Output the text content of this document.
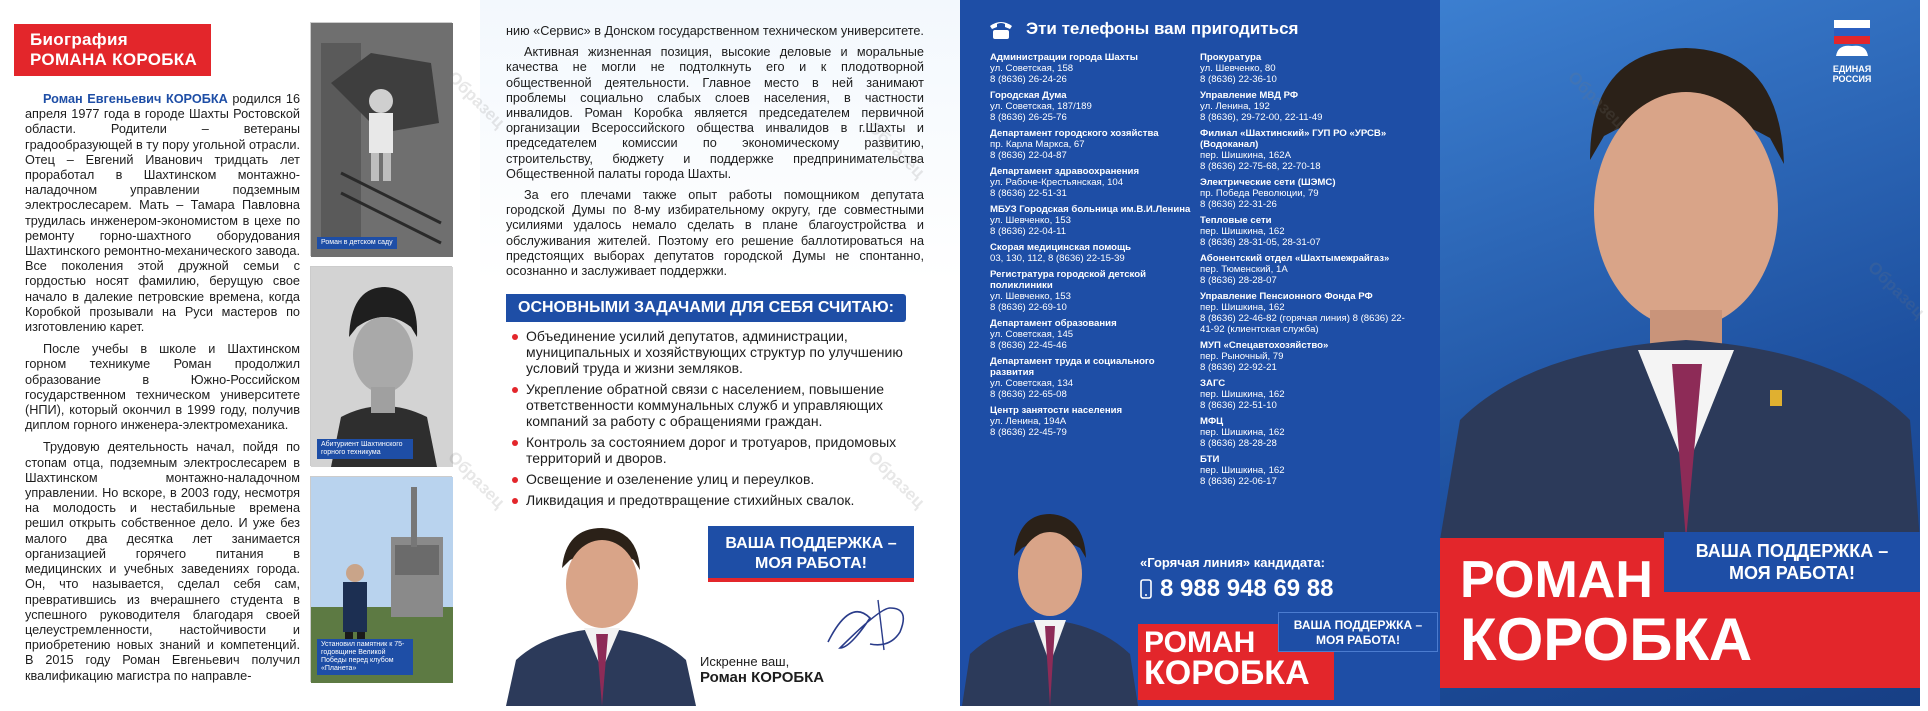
Биография
РОМАНА КОРОБКА

Роман Евгеньевич КОРОБКА родился 16 апреля 1977 года в городе Шахты Ростовской области. Родители – ветераны градообразующей в ту пору угольной отрасли. Отец – Евгений Иванович тридцать лет проработал в Шахтинском монтажно-наладочном управлении подземным электрослесарем. Мать – Тамара Павловна трудилась инженером-экономистом в цехе по ремонту горно-шахтного оборудования Шахтинского ремонтно-механического завода. Все поколения этой дружной семьи с гордостью носят фамилию, берущую свое начало в далекие петровские времена, когда Коробкой прозывали на Руси мастеров по изготовлению карет.

После учебы в школе и Шахтинском горном техникуме Роман продолжил образование в Южно-Российском государственном техническом университете (НПИ), который окончил в 1999 году, получив диплом горного инженера-электромеханика.

Трудовую деятельность начал, пойдя по стопам отца, подземным электрослесарем в Шахтинском монтажно-наладочном управлении. Но вскоре, в 2003 году, несмотря на молодость и нестабильные времена решил открыть собственное дело. И уже без малого два десятка лет занимается организацией горячего питания в медицинских и учебных заведениях города. Он, что называется, сделал себя сам, превратившись из вчерашнего студента в успешного руководителя благодаря своей целеустремленности, настойчивости и приобретению новых знаний и компетенций. В 2015 году Роман Евгеньевич получил квалификацию магистра по направле-

Роман в детском саду
Абитуриент Шахтинского горного техникума
Установил памятник к 75-годовщине Великой Победы перед клубом «Планета»

нию «Сервис» в Донском государственном техническом университете.

Активная жизненная позиция, высокие деловые и моральные качества не могли не подтолкнуть его и к плодотворной общественной деятельности. Главное место в ней занимают проблемы социально слабых слоев населения, в частности инвалидов. Роман Коробка является председателем первичной организации Всероссийского общества инвалидов в г.Шахты и председателем комиссии по экономическому развитию, строительству, бюджету и поддержке предпринимательства Общественной палаты города Шахты.

За его плечами также опыт работы помощником депутата городской Думы по 8-му избирательному округу, где совместными усилиями удалось немало сделать в плане благоустройства и обслуживания жителей. Поэтому его решение баллотироваться на предстоящих выборах депутатов городской Думы не спонтанно, осознанно и заслуживает поддержки.

ОСНОВНЫМИ ЗАДАЧАМИ ДЛЯ СЕБЯ СЧИТАЮ:
Объединение усилий депутатов, администрации, муниципальных и хозяйствующих структур по улучшению условий труда и жизни земляков.
Укрепление обратной связи с населением, повышение ответственности коммунальных служб и управляющих компаний за работу с обращениями граждан.
Контроль за состоянием дорог и тротуаров, придомовых территорий и дворов.
Освещение и озеленение улиц и переулков.
Ликвидация и предотвращение стихийных свалок.
ВАША ПОДДЕРЖКА –
МОЯ РАБОТА!
Искренне ваш,
Роман КОРОБКА
Эти телефоны вам пригодиться
Администрации города Шахты
ул. Советская, 158
8 (8636) 26-24-26
Городская Дума
ул. Советская, 187/189
8 (8636) 26-25-76
Департамент городского хозяйства
пр. Карла Маркса, 67
8 (8636) 22-04-87
Департамент здравоохранения
ул. Рабоче-Крестьянская, 104
8 (8636) 22-51-31
МБУЗ Городская больница им.В.И.Ленина
ул. Шевченко, 153
8 (8636) 22-04-11
Скорая медицинская помощь
03, 130, 112, 8 (8636) 22-15-39
Регистратура городской детской поликлиники
ул. Шевченко, 153
8 (8636) 22-69-10
Департамент образования
ул. Советская, 145
8 (8636) 22-45-46
Департамент труда и социального развития
ул. Советская, 134
8 (8636) 22-65-08
Центр занятости населения
ул. Ленина, 194А
8 (8636) 22-45-79
Прокуратура
ул. Шевченко, 80
8 (8636) 22-36-10
Управление МВД РФ
ул. Ленина, 192
8 (8636), 29-72-00, 22-11-49
Филиал «Шахтинский» ГУП РО «УРСВ» (Водоканал)
пер. Шишкина, 162А
8 (8636) 22-75-68, 22-70-18
Электрические сети (ШЭМС)
пр. Победа Революции, 79
8 (8636) 22-31-26
Тепловые сети
пер. Шишкина, 162
8 (8636) 28-31-05, 28-31-07
Абонентский отдел «Шахтымежрайгаз»
пер. Тюменский, 1А
8 (8636) 28-28-07
Управление Пенсионного Фонда РФ
пер. Шишкина, 162
8 (8636) 22-46-82 (горячая линия) 8 (8636) 22-41-92 (клиентская служба)
МУП «Спецавтохозяйство»
пер. Рыночный, 79
8 (8636) 22-92-21
ЗАГС
пер. Шишкина, 162
8 (8636) 22-51-10
МФЦ
пер. Шишкина, 162
8 (8636) 28-28-28
БТИ
пер. Шишкина, 162
8 (8636) 22-06-17
«Горячая линия» кандидата:
8 988 948 69 88
РОМАН
КОРОБКА
ВАША ПОДДЕРЖКА –
МОЯ РАБОТА!
ЕДИНАЯ
РОССИЯ
РОМАН
КОРОБКА
ВАША ПОДДЕРЖКА –
МОЯ РАБОТА!
